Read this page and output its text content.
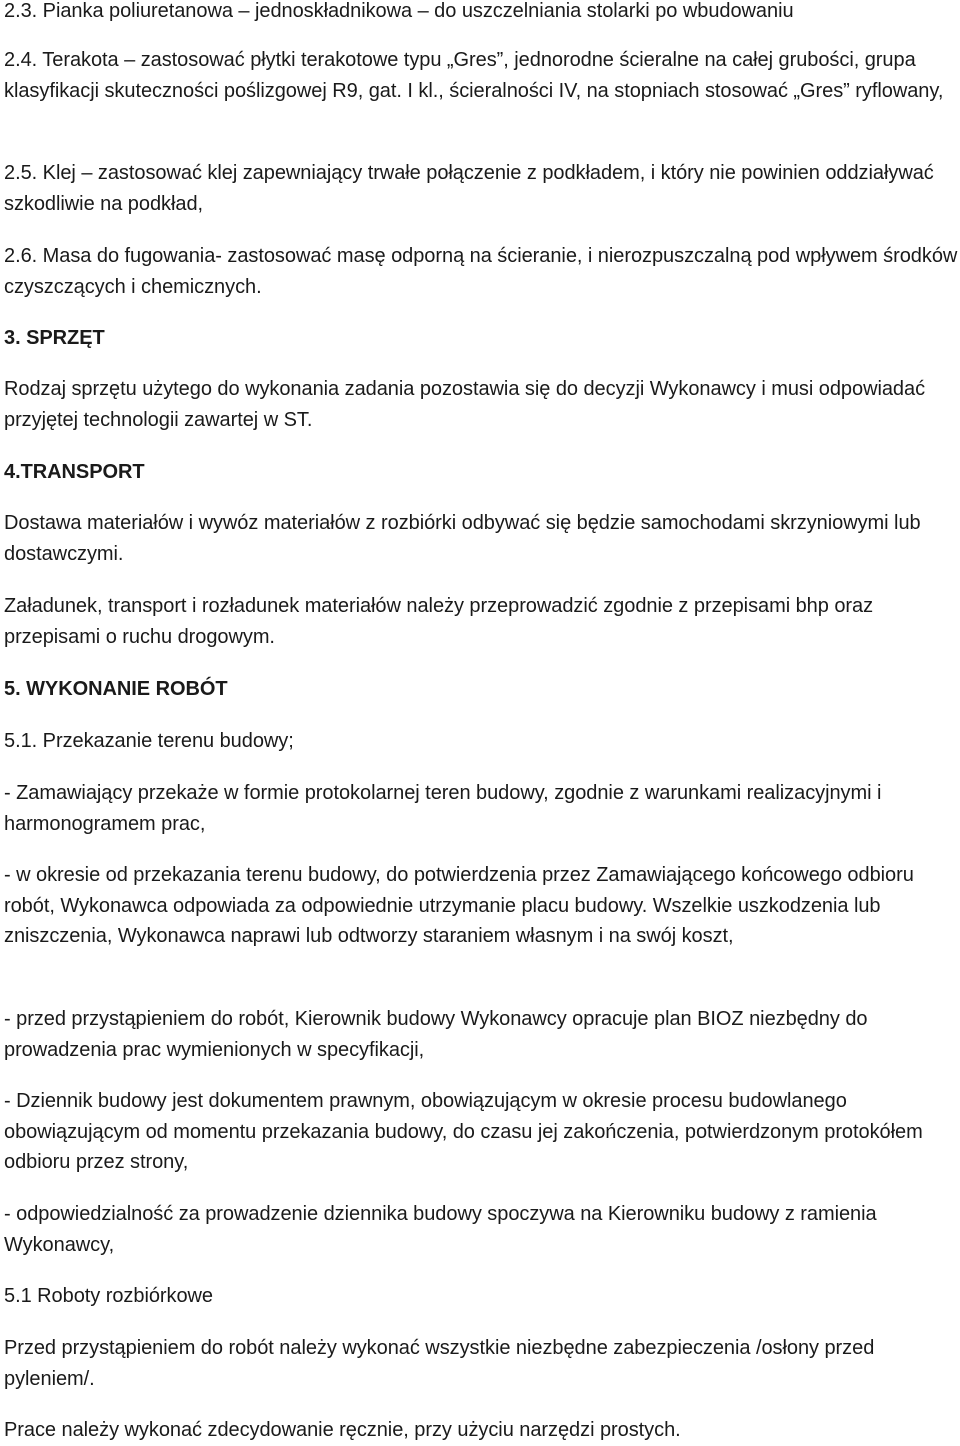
2.3. Pianka poliuretanowa – jednoskładnikowa – do uszczelniania stolarki po wbudowaniu

2.4. Terakota – zastosować płytki terakotowe typu „Gres”, jednorodne ścieralne na całej grubości, grupa klasyfikacji skuteczności poślizgowej R9, gat. I kl., ścieralności IV, na stopniach stosować „Gres” ryflowany,

2.5. Klej – zastosować klej zapewniający trwałe połączenie z podkładem, i który nie powinien oddziaływać szkodliwie na podkład,

2.6. Masa do fugowania- zastosować masę odporną na ścieranie, i nierozpuszczalną pod wpływem środków czyszczących i chemicznych.

3. SPRZĘT

Rodzaj sprzętu użytego do wykonania zadania pozostawia się do decyzji Wykonawcy i musi odpowiadać przyjętej technologii zawartej w ST.

4.TRANSPORT

Dostawa materiałów i wywóz materiałów z rozbiórki odbywać się będzie samochodami skrzyniowymi lub dostawczymi.

Załadunek, transport i rozładunek materiałów należy przeprowadzić zgodnie z przepisami bhp oraz przepisami o ruchu drogowym.

5. WYKONANIE ROBÓT

5.1. Przekazanie terenu budowy;

- Zamawiający przekaże w formie protokolarnej teren budowy, zgodnie z warunkami realizacyjnymi i harmonogramem prac,

- w okresie od przekazania terenu budowy, do potwierdzenia przez Zamawiającego końcowego odbioru robót, Wykonawca odpowiada za odpowiednie utrzymanie placu budowy. Wszelkie uszkodzenia lub zniszczenia, Wykonawca naprawi lub odtworzy staraniem własnym i na swój koszt,

- przed przystąpieniem do robót, Kierownik budowy Wykonawcy opracuje plan BIOZ niezbędny do prowadzenia prac wymienionych w specyfikacji,

- Dziennik budowy jest dokumentem prawnym, obowiązującym w okresie procesu budowlanego obowiązującym od momentu przekazania budowy, do czasu jej zakończenia, potwierdzonym protokółem odbioru przez strony,

- odpowiedzialność za prowadzenie dziennika budowy spoczywa na Kierowniku budowy z ramienia Wykonawcy,

5.1 Roboty rozbiórkowe

Przed przystąpieniem do robót należy wykonać wszystkie niezbędne zabezpieczenia /osłony przed pyleniem/.

Prace należy wykonać zdecydowanie ręcznie, przy użyciu narzędzi prostych.
